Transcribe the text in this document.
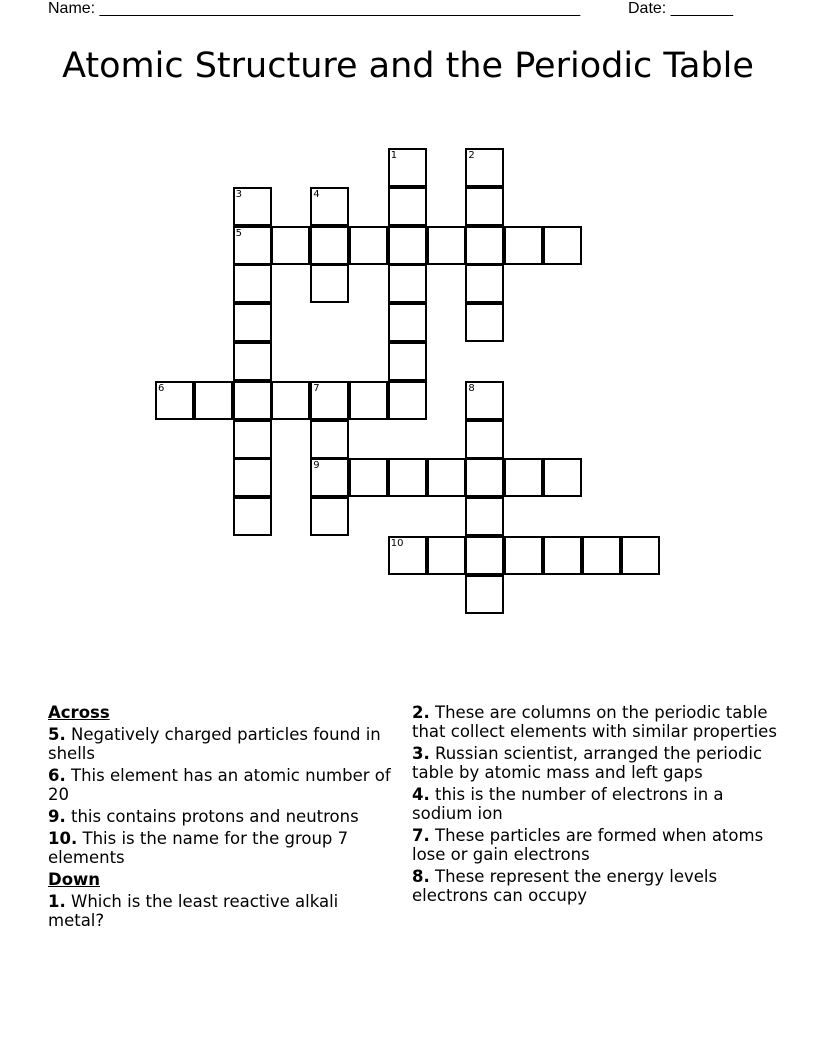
Name: ______________________________________________________	Date: _______
Atomic Structure and the Periodic Table
1	2
3	4
5
6	7	8
9
10
Across
5. Negatively charged particles found in shells
6. This element has an atomic number of 20
9. this contains protons and neutrons
10. This is the name for the group 7 elements
Down
1. Which is the least reactive alkali metal?
2. These are columns on the periodic table that collect elements with similar properties
3. Russian scientist, arranged the periodic table by atomic mass and left gaps
4. this is the number of electrons in a sodium ion
7. These particles are formed when atoms lose or gain electrons
8. These represent the energy levels electrons can occupy
